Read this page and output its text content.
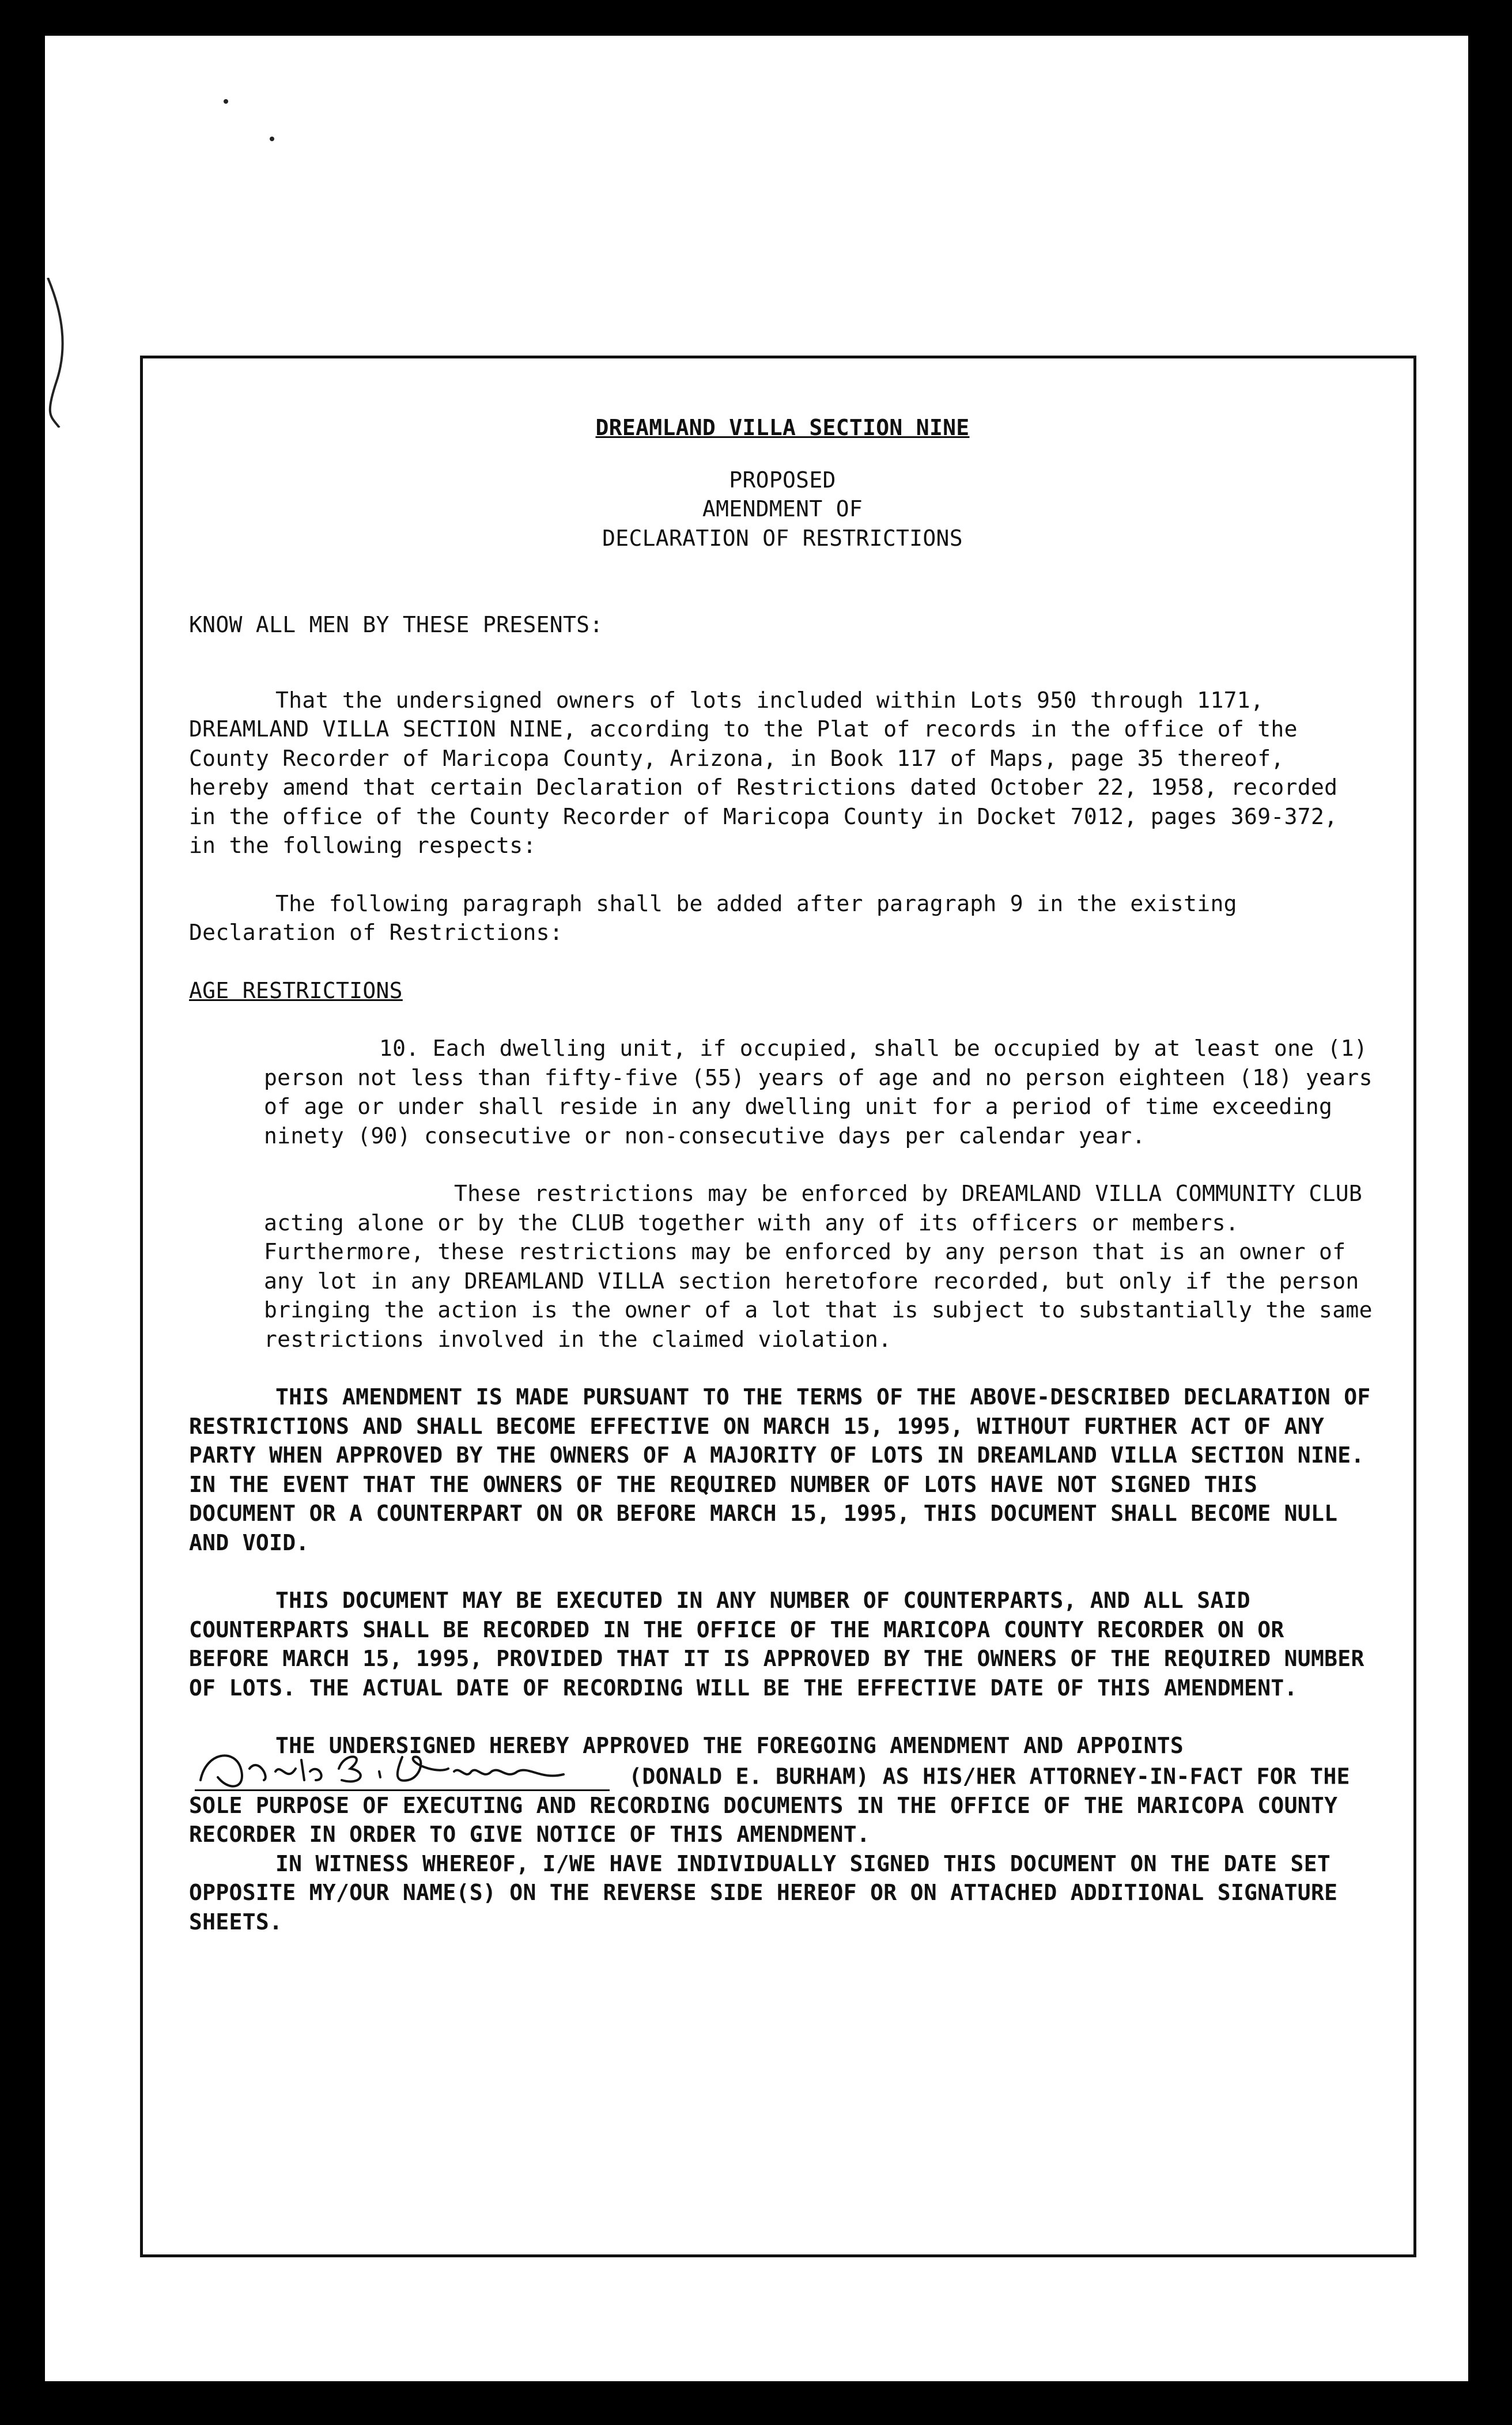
DREAMLAND VILLA SECTION NINE

PROPOSED

AMENDMENT OF

DECLARATION OF RESTRICTIONS

KNOW ALL MEN BY THESE PRESENTS:

That the undersigned owners of lots included within Lots 950 through 1171, DREAMLAND VILLA SECTION NINE, according to the Plat of records in the office of the County Recorder of Maricopa County, Arizona, in Book 117 of Maps, page 35 thereof, hereby amend that certain Declaration of Restrictions dated October 22, 1958, recorded in the office of the County Recorder of Maricopa County in Docket 7012, pages 369-372, in the following respects:

The following paragraph shall be added after paragraph 9 in the existing Declaration of Restrictions:

AGE RESTRICTIONS

10. Each dwelling unit, if occupied, shall be occupied by at least one (1) person not less than fifty-five (55) years of age and no person eighteen (18) years of age or under shall reside in any dwelling unit for a period of time exceeding ninety (90) consecutive or non-consecutive days per calendar year.

These restrictions may be enforced by DREAMLAND VILLA COMMUNITY CLUB acting alone or by the CLUB together with any of its officers or members. Furthermore, these restrictions may be enforced by any person that is an owner of any lot in any DREAMLAND VILLA section heretofore recorded, but only if the person bringing the action is the owner of a lot that is subject to substantially the same restrictions involved in the claimed violation.

THIS AMENDMENT IS MADE PURSUANT TO THE TERMS OF THE ABOVE-DESCRIBED DECLARATION OF RESTRICTIONS AND SHALL BECOME EFFECTIVE ON MARCH 15, 1995, WITHOUT FURTHER ACT OF ANY PARTY WHEN APPROVED BY THE OWNERS OF A MAJORITY OF LOTS IN DREAMLAND VILLA SECTION NINE. IN THE EVENT THAT THE OWNERS OF THE REQUIRED NUMBER OF LOTS HAVE NOT SIGNED THIS DOCUMENT OR A COUNTERPART ON OR BEFORE MARCH 15, 1995, THIS DOCUMENT SHALL BECOME NULL AND VOID.

THIS DOCUMENT MAY BE EXECUTED IN ANY NUMBER OF COUNTERPARTS, AND ALL SAID COUNTERPARTS SHALL BE RECORDED IN THE OFFICE OF THE MARICOPA COUNTY RECORDER ON OR BEFORE MARCH 15, 1995, PROVIDED THAT IT IS APPROVED BY THE OWNERS OF THE REQUIRED NUMBER OF LOTS. THE ACTUAL DATE OF RECORDING WILL BE THE EFFECTIVE DATE OF THIS AMENDMENT.

THE UNDERSIGNED HEREBY APPROVED THE FOREGOING AMENDMENT AND APPOINTS
(DONALD E. BURHAM) AS HIS/HER ATTORNEY-IN-FACT FOR THE SOLE PURPOSE OF EXECUTING AND RECORDING DOCUMENTS IN THE OFFICE OF THE MARICOPA COUNTY RECORDER IN ORDER TO GIVE NOTICE OF THIS AMENDMENT.

IN WITNESS WHEREOF, I/WE HAVE INDIVIDUALLY SIGNED THIS DOCUMENT ON THE DATE SET OPPOSITE MY/OUR NAME(S) ON THE REVERSE SIDE HEREOF OR ON ATTACHED ADDITIONAL SIGNATURE SHEETS.
